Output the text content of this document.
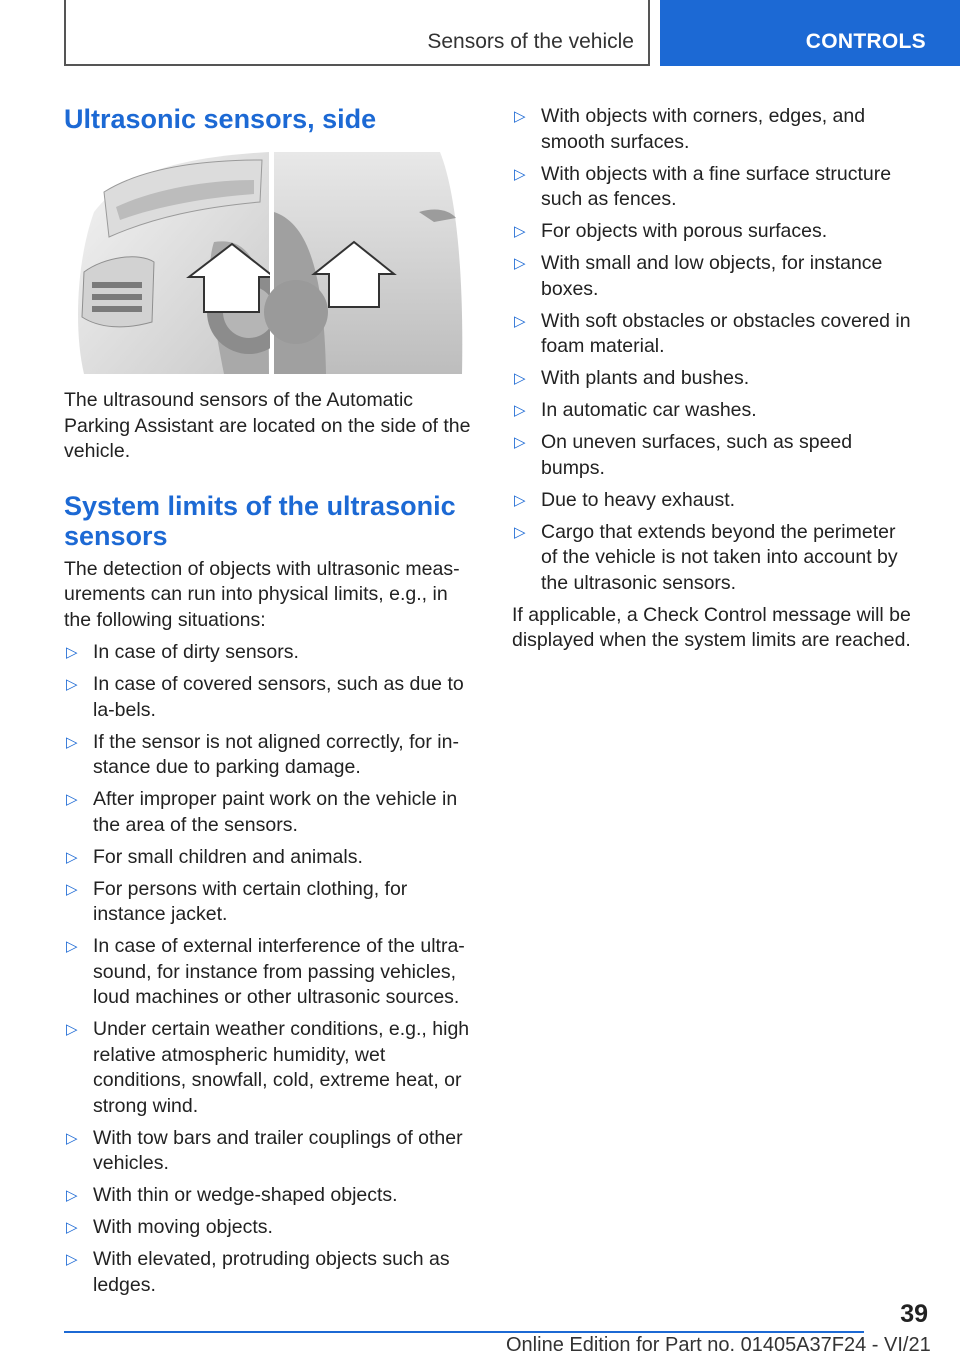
Sensors of the vehicle	CONTROLS
Ultrasonic sensors, side

The ultrasound sensors of the Automatic Parking Assistant are located on the side of the vehicle.

System limits of the ultrasonic sensors

The detection of objects with ultrasonic meas-urements can run into physical limits, e.g., in the following situations:

▷ In case of dirty sensors.
▷ In case of covered sensors, such as due to la-bels.
▷ If the sensor is not aligned correctly, for in-stance due to parking damage.
▷ After improper paint work on the vehicle in the area of the sensors.
▷ For small children and animals.
▷ For persons with certain clothing, for instance jacket.
▷ In case of external interference of the ultra-sound, for instance from passing vehicles, loud machines or other ultrasonic sources.
▷ Under certain weather conditions, e.g., high relative atmospheric humidity, wet conditions, snowfall, cold, extreme heat, or strong wind.
▷ With tow bars and trailer couplings of other vehicles.
▷ With thin or wedge-shaped objects.
▷ With moving objects.
▷ With elevated, protruding objects such as ledges.
▷ With objects with corners, edges, and smooth surfaces.
▷ With objects with a fine surface structure such as fences.
▷ For objects with porous surfaces.
▷ With small and low objects, for instance boxes.
▷ With soft obstacles or obstacles covered in foam material.
▷ With plants and bushes.
▷ In automatic car washes.
▷ On uneven surfaces, such as speed bumps.
▷ Due to heavy exhaust.
▷ Cargo that extends beyond the perimeter of the vehicle is not taken into account by the ultrasonic sensors.

If applicable, a Check Control message will be displayed when the system limits are reached.

39
Online Edition for Part no. 01405A37F24 - VI/21
